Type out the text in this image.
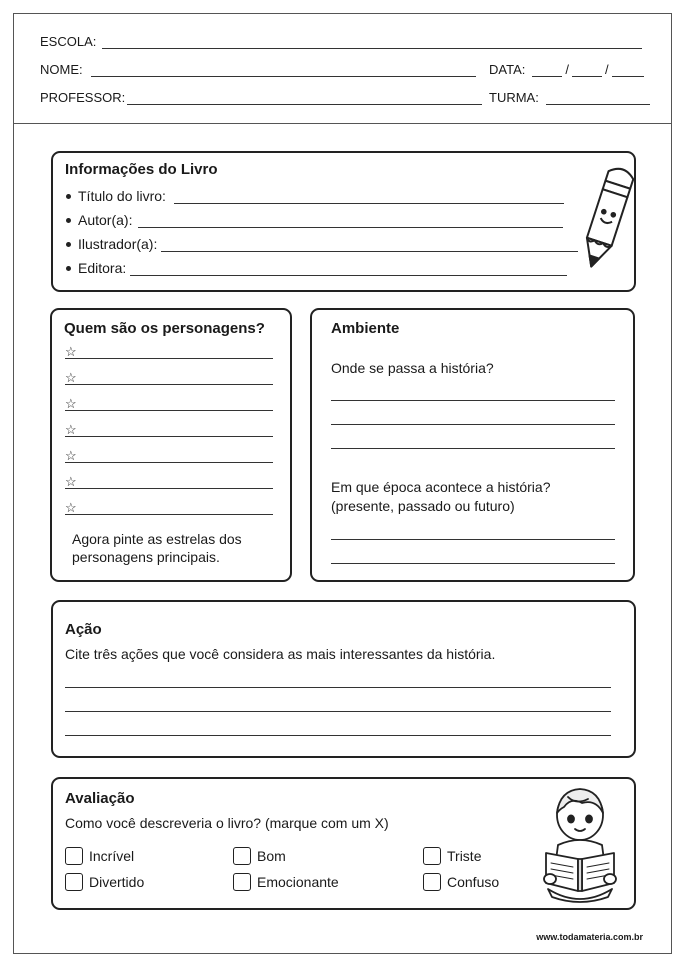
ESCOLA:
NOME:	DATA:	/	/
PROFESSOR:	TURMA:
Informações do Livro
Título do livro:
Autor(a):
Ilustrador(a):
Editora:
Quem são os personagens?
☆
☆
☆
☆
☆
☆
☆
Agora pinte as estrelas dos
personagens principais.
Ambiente
Onde se passa a história?
Em que época acontece a história?
(presente, passado ou futuro)
Ação
Cite três ações que você considera as mais interessantes da história.
Avaliação
Como você descreveria o livro? (marque com um X)
Incrível	Bom	Triste
Divertido	Emocionante	Confuso
www.todamateria.com.br
